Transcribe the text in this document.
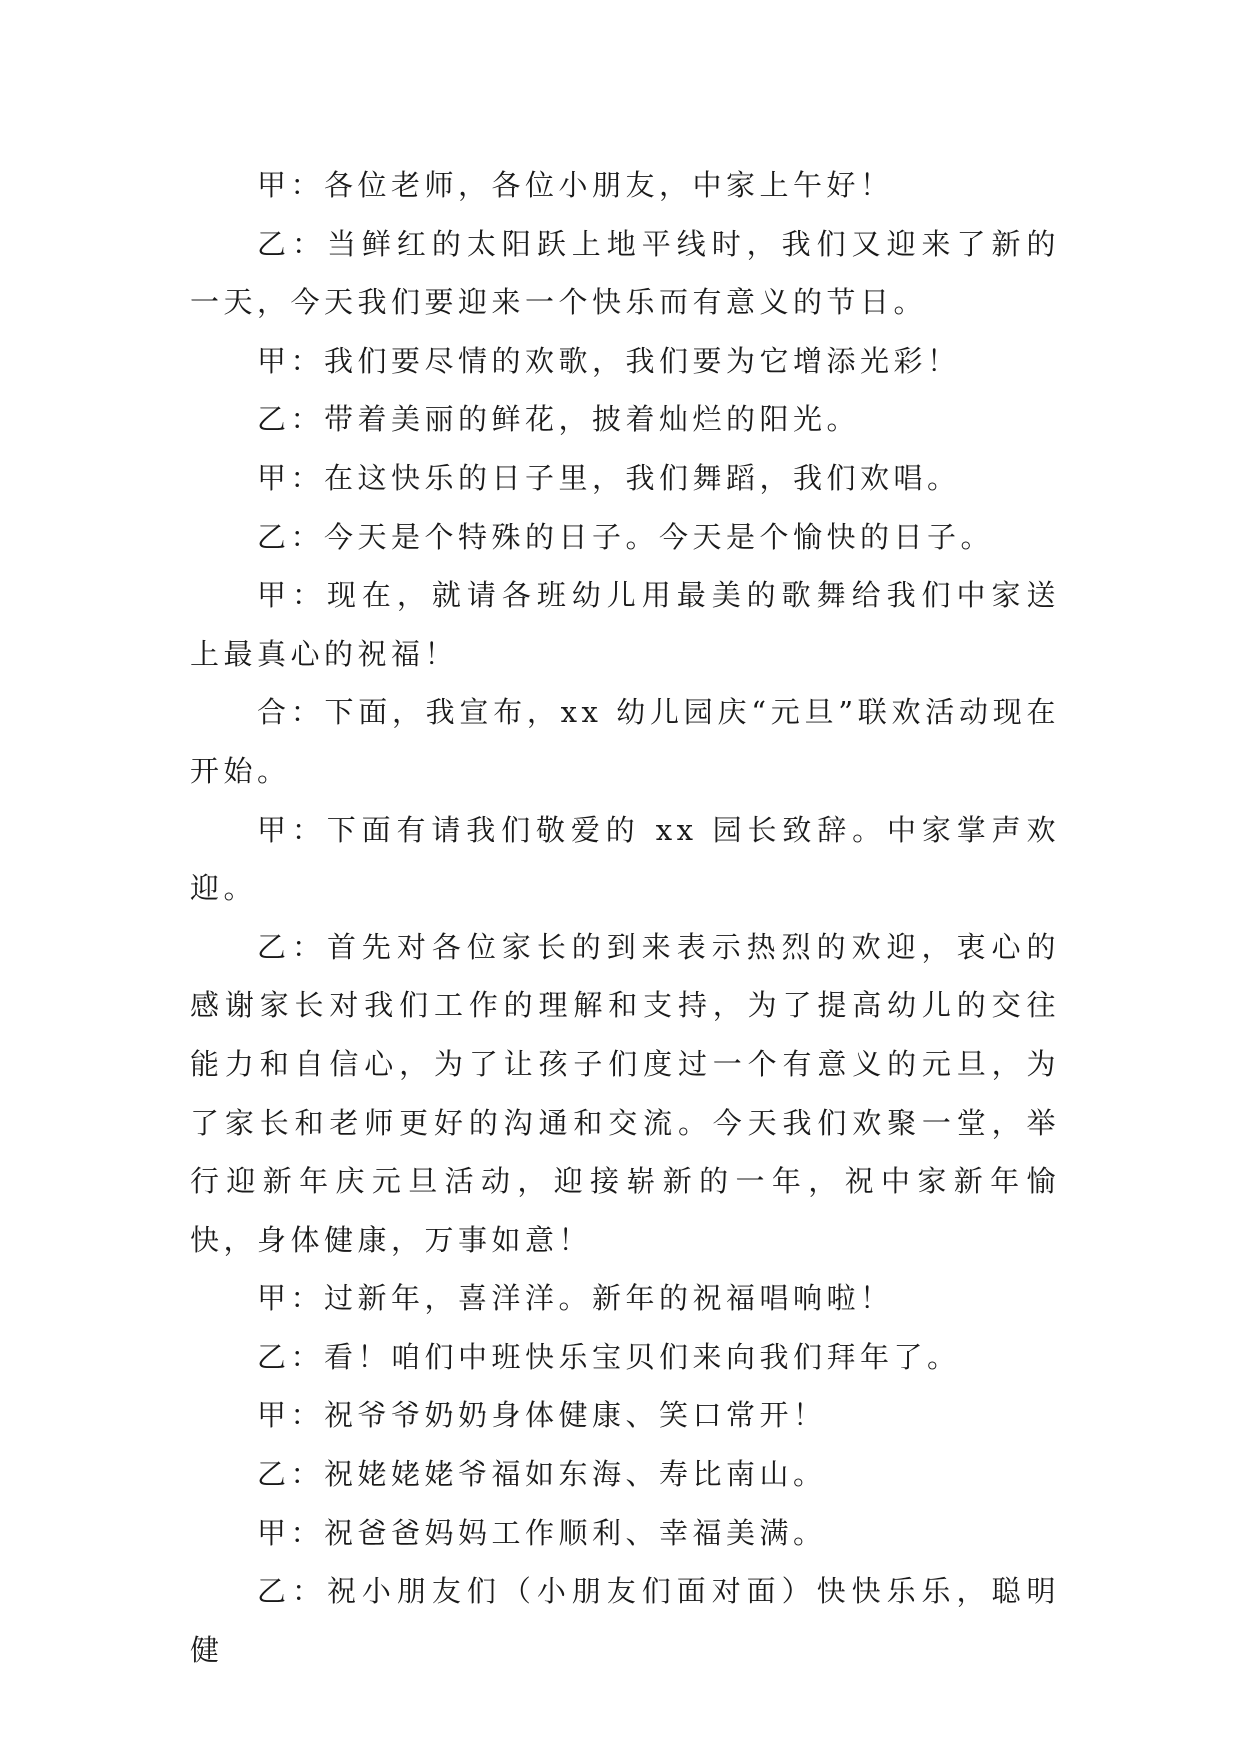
甲：各位老师，各位小朋友，中家上午好！

乙：当鲜红的太阳跃上地平线时，我们又迎来了新的一天，今天我们要迎来一个快乐而有意义的节日。

甲：我们要尽情的欢歌，我们要为它增添光彩！

乙：带着美丽的鲜花，披着灿烂的阳光。

甲：在这快乐的日子里，我们舞蹈，我们欢唱。

乙：今天是个特殊的日子。今天是个愉快的日子。

甲：现在，就请各班幼儿用最美的歌舞给我们中家送上最真心的祝福！

合：下面，我宣布，xx 幼儿园庆“元旦”联欢活动现在开始。

甲：下面有请我们敬爱的 xx 园长致辞。中家掌声欢迎。

乙：首先对各位家长的到来表示热烈的欢迎，衷心的感谢家长对我们工作的理解和支持，为了提高幼儿的交往能力和自信心，为了让孩子们度过一个有意义的元旦，为了家长和老师更好的沟通和交流。今天我们欢聚一堂，举行迎新年庆元旦活动，迎接崭新的一年，祝中家新年愉快，身体健康，万事如意！

甲：过新年，喜洋洋。新年的祝福唱响啦！

乙：看！咱们中班快乐宝贝们来向我们拜年了。

甲：祝爷爷奶奶身体健康、笑口常开！

乙：祝姥姥姥爷福如东海、寿比南山。

甲：祝爸爸妈妈工作顺利、幸福美满。

乙：祝小朋友们（小朋友们面对面）快快乐乐，聪明健
